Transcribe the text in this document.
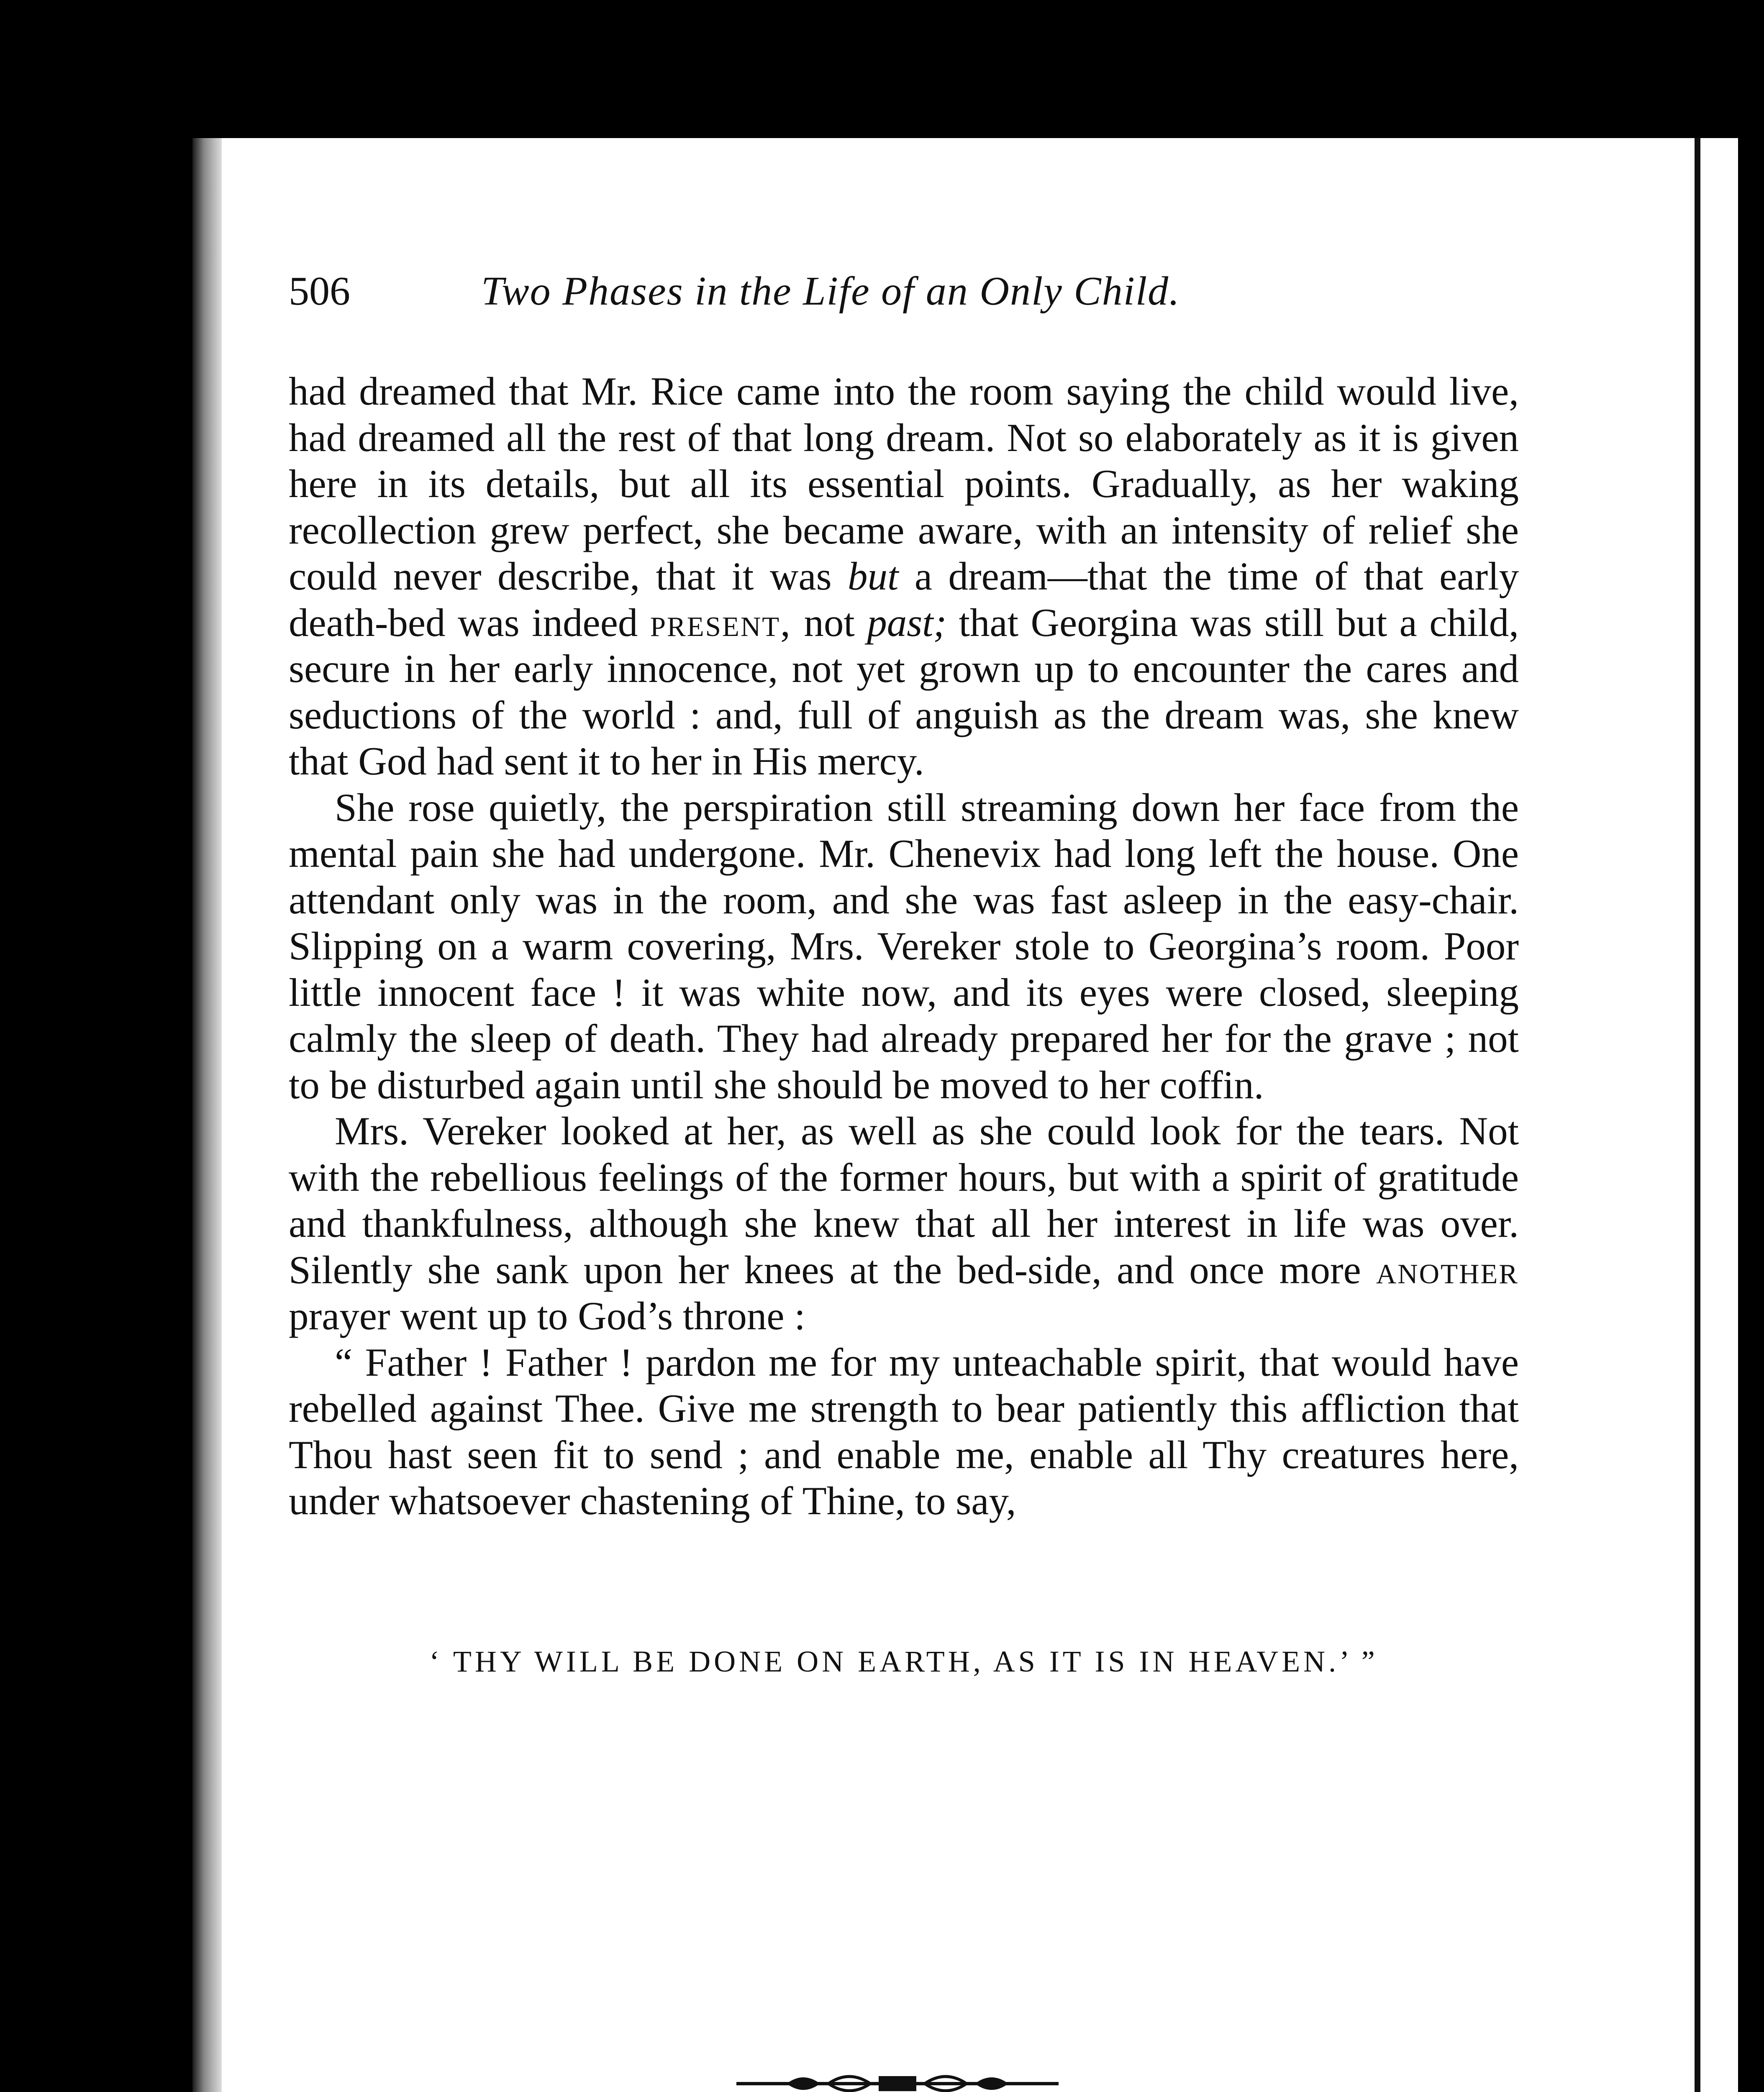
506	Two Phases in the Life of an Only Child.

had dreamed that Mr. Rice came into the room saying the child would live, had dreamed all the rest of that long dream. Not so elaborately as it is given here in its details, but all its essential points. Gradually, as her waking recollection grew perfect, she became aware, with an intensity of relief she could never describe, that it was but a dream—that the time of that early death-bed was indeed present, not past; that Georgina was still but a child, secure in her early innocence, not yet grown up to encounter the cares and seductions of the world : and, full of anguish as the dream was, she knew that God had sent it to her in His mercy.

She rose quietly, the perspiration still streaming down her face from the mental pain she had undergone. Mr. Chenevix had long left the house. One attendant only was in the room, and she was fast asleep in the easy-chair. Slipping on a warm covering, Mrs. Vereker stole to Georgina’s room. Poor little innocent face ! it was white now, and its eyes were closed, sleeping calmly the sleep of death. They had already prepared her for the grave ; not to be disturbed again until she should be moved to her coffin.

Mrs. Vereker looked at her, as well as she could look for the tears. Not with the rebellious feelings of the former hours, but with a spirit of gratitude and thankfulness, although she knew that all her interest in life was over. Silently she sank upon her knees at the bed-side, and once more another prayer went up to God’s throne :

“ Father ! Father ! pardon me for my unteachable spirit, that would have rebelled against Thee. Give me strength to bear patiently this affliction that Thou hast seen fit to send ; and enable me, enable all Thy creatures here, under whatsoever chastening of Thine, to say,

‘ THY WILL BE DONE ON EARTH, AS IT IS IN HEAVEN.’ ”
